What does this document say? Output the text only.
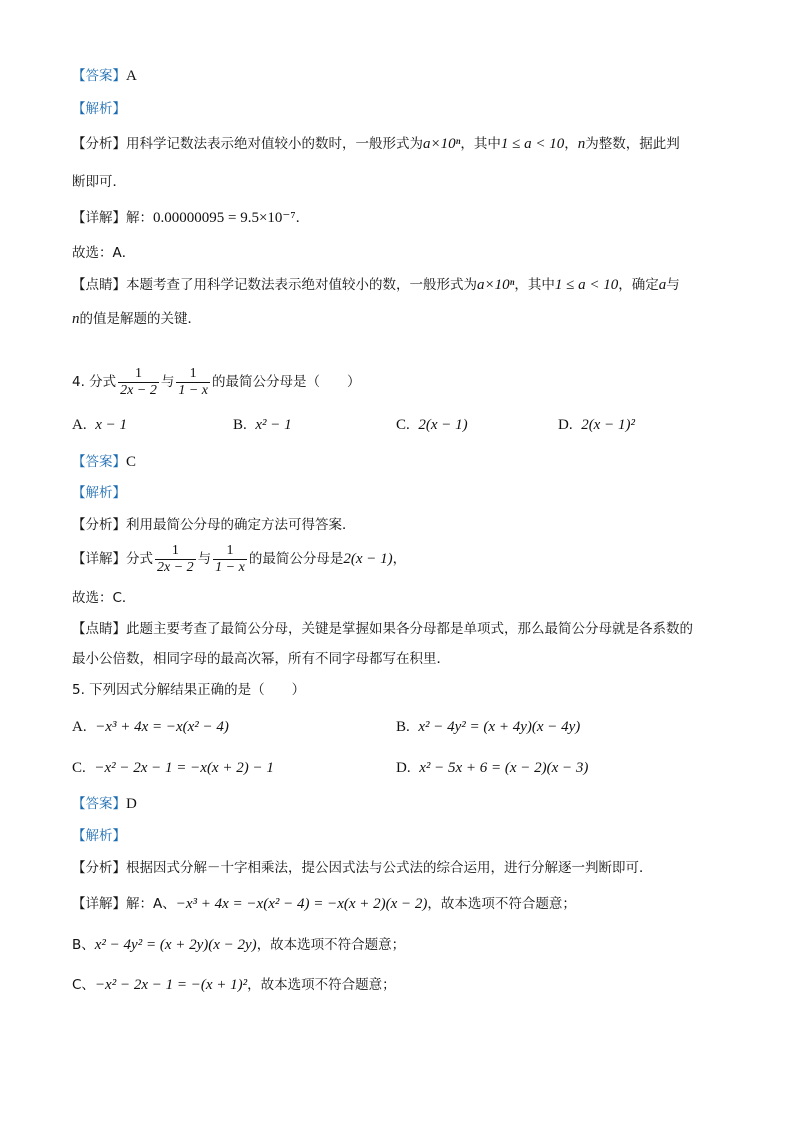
【答案】A
【解析】
【分析】用科学记数法表示绝对值较小的数时，一般形式为a×10ⁿ，其中1 ≤ a < 10，n为整数，据此判
断即可．
【详解】解：0.00000095 = 9.5×10⁻⁷．
故选：A．
【点睛】本题考查了用科学记数法表示绝对值较小的数，一般形式为a×10ⁿ，其中1 ≤ a < 10，确定a与
n的值是解题的关键．
4. 分式 $\frac{1}{2x - 2}$ 与 $\frac{1}{1 - x}$ 的最简公分母是（　　）
A. x − 1	B. x² − 1	C. 2(x − 1)	D. 2(x − 1)²
【答案】C
【解析】
【分析】利用最简公分母的确定方法可得答案．
【详解】分式 $\frac{1}{2x - 2}$ 与 $\frac{1}{1 - x}$ 的最简公分母是2(x − 1)，
故选：C．
【点睛】此题主要考查了最简公分母，关键是掌握如果各分母都是单项式，那么最简公分母就是各系数的
最小公倍数，相同字母的最高次幂，所有不同字母都写在积里．
5. 下列因式分解结果正确的是（　　）
A. −x³ + 4x = −x(x² − 4)	B. x² − 4y² = (x + 4y)(x − 4y)
C. −x² − 2x − 1 = −x(x + 2) − 1	D. x² − 5x + 6 = (x − 2)(x − 3)
【答案】D
【解析】
【分析】根据因式分解－十字相乘法，提公因式法与公式法的综合运用，进行分解逐一判断即可．
【详解】解：A、−x³ + 4x = −x(x² − 4) = −x(x + 2)(x − 2)，故本选项不符合题意；
B、x² − 4y² = (x + 2y)(x − 2y)，故本选项不符合题意；
C、−x² − 2x − 1 = −(x + 1)²，故本选项不符合题意；
